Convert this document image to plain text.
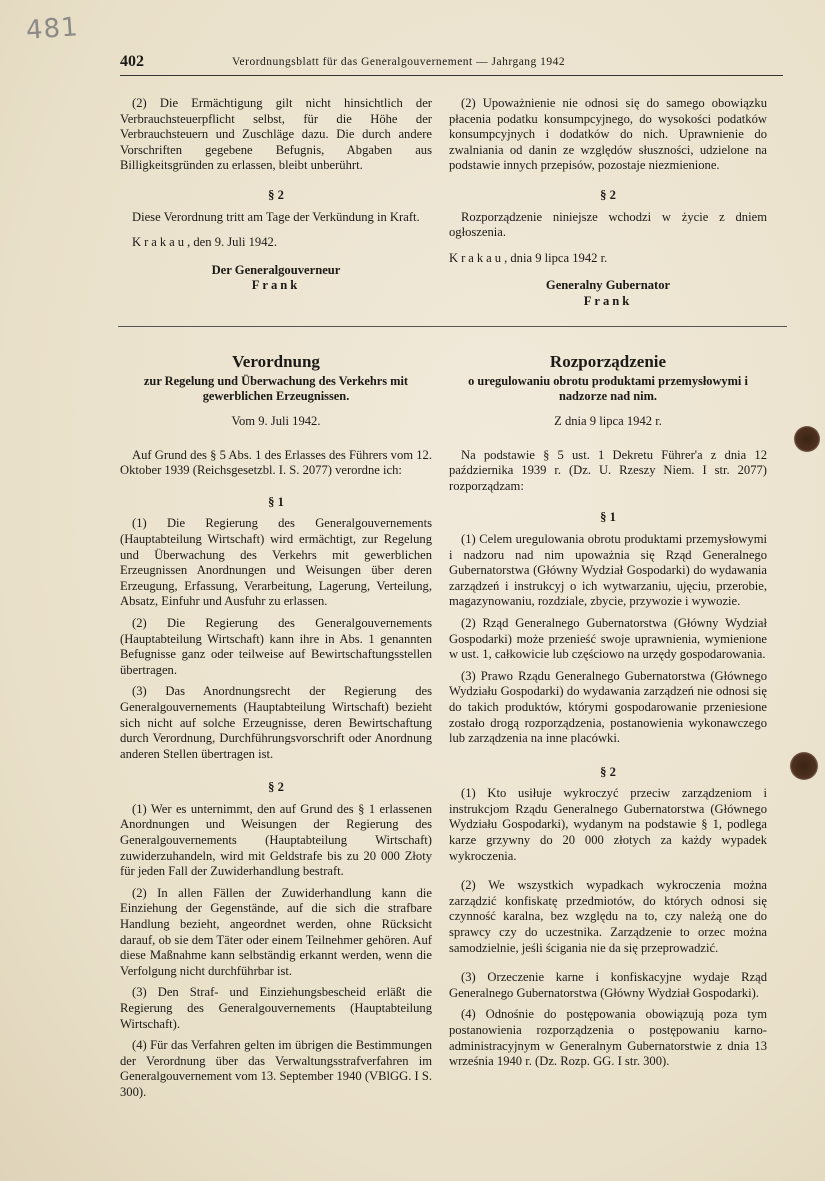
481
402	Verordnungsblatt für das Generalgouvernement — Jahrgang 1942

(2) Die Ermächtigung gilt nicht hinsichtlich der Verbrauchsteuerpflicht selbst, für die Höhe der Verbrauchsteuern und Zuschläge dazu. Die durch andere Vorschriften gegebene Befugnis, Abgaben aus Billigkeitsgründen zu erlassen, bleibt unberührt.

§ 2

Diese Verordnung tritt am Tage der Verkündung in Kraft.

Krakau, den 9. Juli 1942.

Der Generalgouverneur

Frank

(2) Upoważnienie nie odnosi się do samego obowiązku płacenia podatku konsumpcyjnego, do wysokości podatków konsumpcyjnych i dodatków do nich. Uprawnienie do zwalniania od danin ze względów słuszności, udzielone na podstawie innych przepisów, pozostaje niezmienione.

§ 2

Rozporządzenie niniejsze wchodzi w życie z dniem ogłoszenia.

Krakau, dnia 9 lipca 1942 r.

Generalny Gubernator

Frank

Verordnung
zur Regelung und Überwachung des Verkehrs mit gewerblichen Erzeugnissen.

Vom 9. Juli 1942.

Auf Grund des § 5 Abs. 1 des Erlasses des Führers vom 12. Oktober 1939 (Reichsgesetzbl. I. S. 2077) verordne ich:

§ 1

(1) Die Regierung des Generalgouvernements (Hauptabteilung Wirtschaft) wird ermächtigt, zur Regelung und Überwachung des Verkehrs mit gewerblichen Erzeugnissen Anordnungen und Weisungen über deren Erzeugung, Erfassung, Verarbeitung, Lagerung, Verteilung, Absatz, Einfuhr und Ausfuhr zu erlassen.

(2) Die Regierung des Generalgouvernements (Hauptabteilung Wirtschaft) kann ihre in Abs. 1 genannten Befugnisse ganz oder teilweise auf Bewirtschaftungsstellen übertragen.

(3) Das Anordnungsrecht der Regierung des Generalgouvernements (Hauptabteilung Wirtschaft) bezieht sich nicht auf solche Erzeugnisse, deren Bewirtschaftung durch Verordnung, Durchführungsvorschrift oder Anordnung anderen Stellen übertragen ist.

§ 2

(1) Wer es unternimmt, den auf Grund des § 1 erlassenen Anordnungen und Weisungen der Regierung des Generalgouvernements (Hauptabteilung Wirtschaft) zuwiderzuhandeln, wird mit Geldstrafe bis zu 20 000 Złoty für jeden Fall der Zuwiderhandlung bestraft.

(2) In allen Fällen der Zuwiderhandlung kann die Einziehung der Gegenstände, auf die sich die strafbare Handlung bezieht, angeordnet werden, ohne Rücksicht darauf, ob sie dem Täter oder einem Teilnehmer gehören. Auf diese Maßnahme kann selbständig erkannt werden, wenn die Verfolgung nicht durchführbar ist.

(3) Den Straf- und Einziehungsbescheid erläßt die Regierung des Generalgouvernements (Hauptabteilung Wirtschaft).

(4) Für das Verfahren gelten im übrigen die Bestimmungen der Verordnung über das Verwaltungsstrafverfahren im Generalgouvernement vom 13. September 1940 (VBlGG. I S. 300).

Rozporządzenie
o uregulowaniu obrotu produktami przemysłowymi i nadzorze nad nim.

Z dnia 9 lipca 1942 r.

Na podstawie § 5 ust. 1 Dekretu Führer'a z dnia 12 października 1939 r. (Dz. U. Rzeszy Niem. I str. 2077) rozporządzam:

§ 1

(1) Celem uregulowania obrotu produktami przemysłowymi i nadzoru nad nim upoważnia się Rząd Generalnego Gubernatorstwa (Główny Wydział Gospodarki) do wydawania zarządzeń i instrukcyj o ich wytwarzaniu, ujęciu, przerobie, magazynowaniu, rozdziale, zbycie, przywozie i wywozie.

(2) Rząd Generalnego Gubernatorstwa (Główny Wydział Gospodarki) może przenieść swoje uprawnienia, wymienione w ust. 1, całkowicie lub częściowo na urzędy gospodarowania.

(3) Prawo Rządu Generalnego Gubernatorstwa (Głównego Wydziału Gospodarki) do wydawania zarządzeń nie odnosi się do takich produktów, którymi gospodarowanie przeniesione zostało drogą rozporządzenia, postanowienia wykonawczego lub zarządzenia na inne placówki.

§ 2

(1) Kto usiłuje wykroczyć przeciw zarządzeniom i instrukcjom Rządu Generalnego Gubernatorstwa (Głównego Wydziału Gospodarki), wydanym na podstawie § 1, podlega karze grzywny do 20 000 złotych za każdy wypadek wykroczenia.

(2) We wszystkich wypadkach wykroczenia można zarządzić konfiskatę przedmiotów, do których odnosi się czynność karalna, bez względu na to, czy należą one do sprawcy czy do uczestnika. Zarządzenie to orzec można samodzielnie, jeśli ścigania nie da się przeprowadzić.

(3) Orzeczenie karne i konfiskacyjne wydaje Rząd Generalnego Gubernatorstwa (Główny Wydział Gospodarki).

(4) Odnośnie do postępowania obowiązują poza tym postanowienia rozporządzenia o postępowaniu karno-administracyjnym w Generalnym Gubernatorstwie z dnia 13 września 1940 r. (Dz. Rozp. GG. I str. 300).
